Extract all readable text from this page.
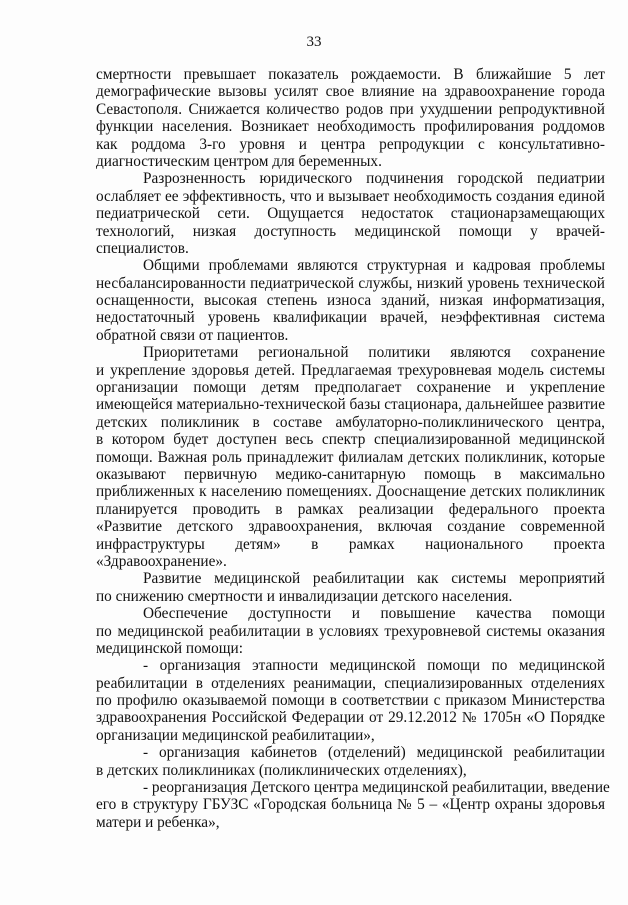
33
смертности превышает показатель рождаемости. В ближайшие 5 лет
демографические вызовы усилят свое влияние на здравоохранение города
Севастополя. Снижается количество родов при ухудшении репродуктивной
функции населения. Возникает необходимость профилирования роддомов
как роддома 3-го уровня и центра репродукции с консультативно-
диагностическим центром для беременных.
Разрозненность юридического подчинения городской педиатрии
ослабляет ее эффективность, что и вызывает необходимость создания единой
педиатрической сети. Ощущается недостаток стационарзамещающих
технологий, низкая доступность медицинской помощи у врачей-
специалистов.
Общими проблемами являются структурная и кадровая проблемы
несбалансированности педиатрической службы, низкий уровень технической
оснащенности, высокая степень износа зданий, низкая информатизация,
недостаточный уровень квалификации врачей, неэффективная система
обратной связи от пациентов.
Приоритетами региональной политики являются сохранение
и укрепление здоровья детей. Предлагаемая трехуровневая модель системы
организации помощи детям предполагает сохранение и укрепление
имеющейся материально-технической базы стационара, дальнейшее развитие
детских поликлиник в составе амбулаторно-поликлинического центра,
в котором будет доступен весь спектр специализированной медицинской
помощи. Важная роль принадлежит филиалам детских поликлиник, которые
оказывают первичную медико-санитарную помощь в максимально
приближенных к населению помещениях. Дооснащение детских поликлиник
планируется проводить в рамках реализации федерального проекта
«Развитие детского здравоохранения, включая создание современной
инфраструктуры детям» в рамках национального проекта
«Здравоохранение».
Развитие медицинской реабилитации как системы мероприятий
по снижению смертности и инвалидизации детского населения.
Обеспечение доступности и повышение качества помощи
по медицинской реабилитации в условиях трехуровневой системы оказания
медицинской помощи:
- организация этапности медицинской помощи по медицинской
реабилитации в отделениях реанимации, специализированных отделениях
по профилю оказываемой помощи в соответствии с приказом Министерства
здравоохранения Российской Федерации от 29.12.2012 № 1705н «О Порядке
организации медицинской реабилитации»,
- организация кабинетов (отделений) медицинской реабилитации
в детских поликлиниках (поликлинических отделениях),
- реорганизация Детского центра медицинской реабилитации, введение
его в структуру ГБУЗС «Городская больница № 5 – «Центр охраны здоровья
матери и ребенка»,
